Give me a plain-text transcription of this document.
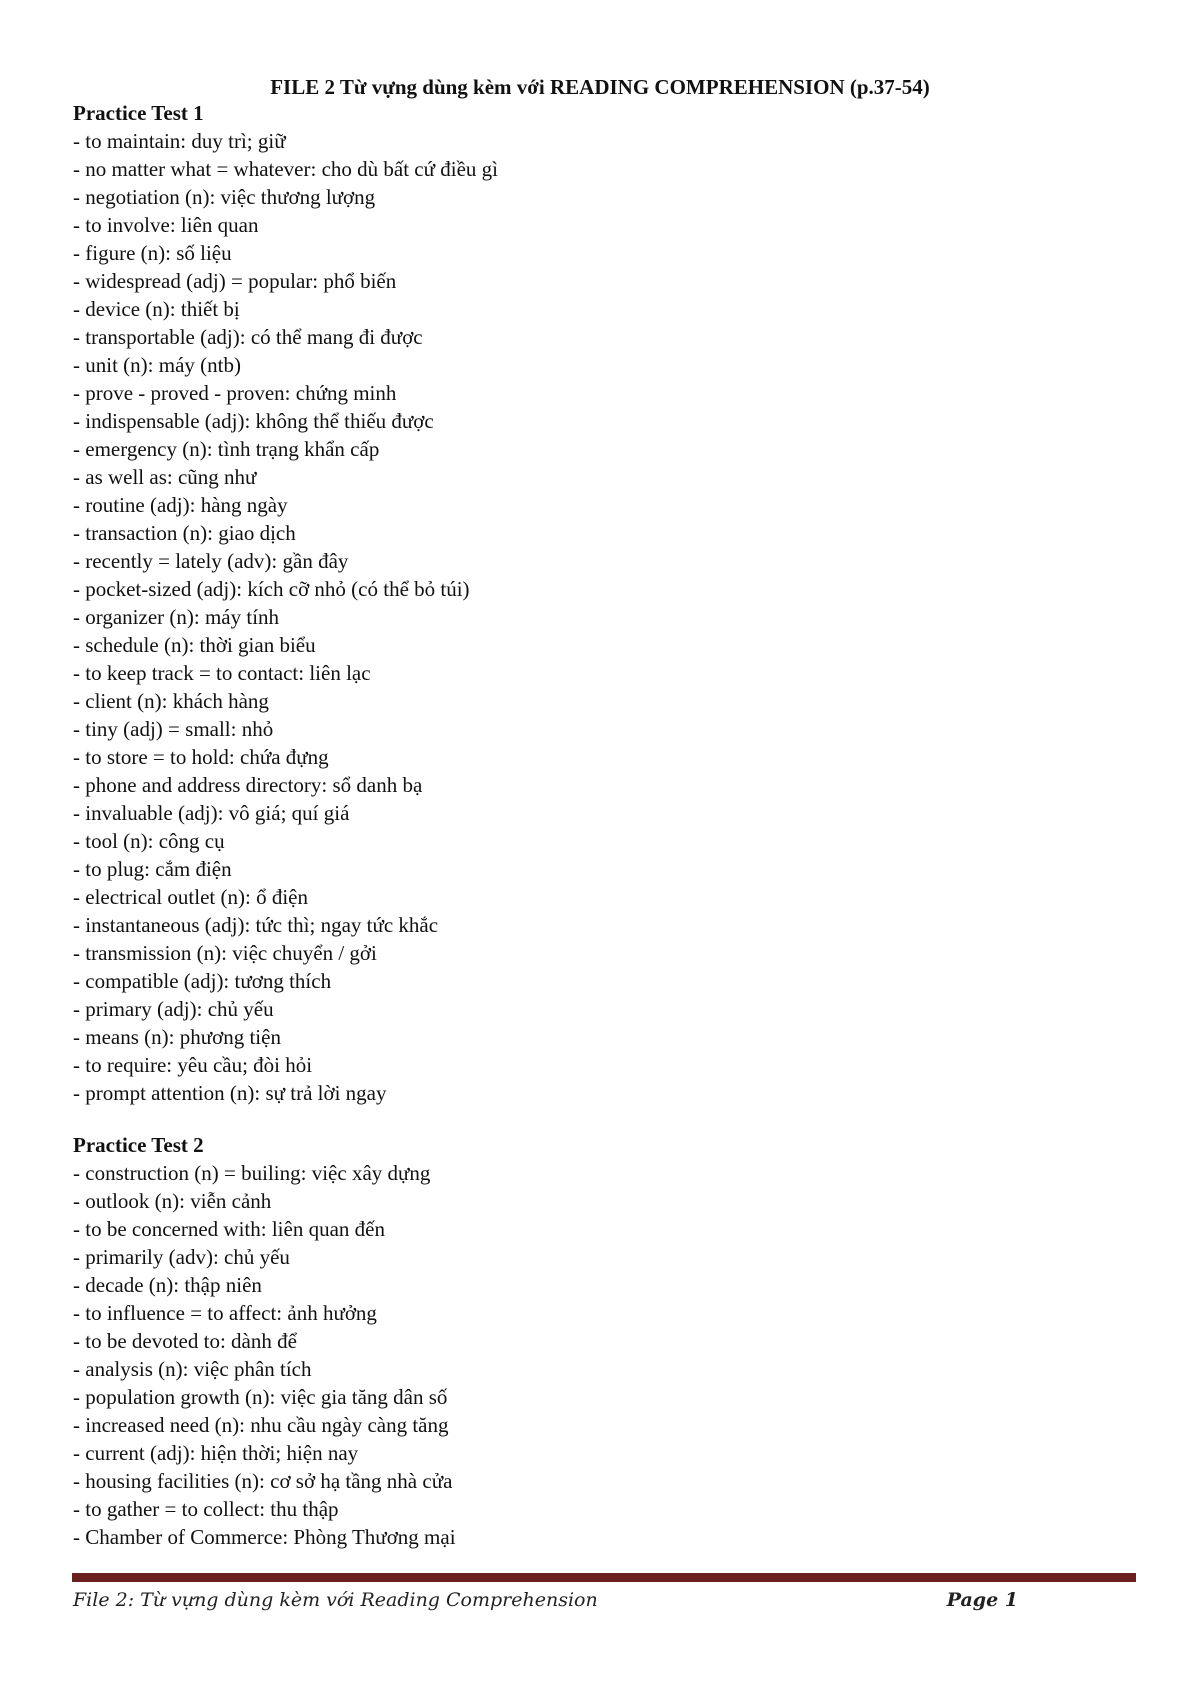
FILE 2 Từ vựng dùng kèm với READING COMPREHENSION (p.37-54)
Practice Test 1
- to maintain: duy trì; giữ
- no matter what = whatever: cho dù bất cứ điều gì
- negotiation (n): việc thương lượng
- to involve: liên quan
- figure (n): số liệu
- widespread (adj) = popular: phổ biến
- device (n): thiết bị
- transportable (adj): có thể mang đi được
- unit (n): máy (ntb)
- prove - proved - proven: chứng minh
- indispensable (adj): không thể thiếu được
- emergency (n): tình trạng khẩn cấp
- as well as: cũng như
- routine (adj): hàng ngày
- transaction (n): giao dịch
- recently = lately (adv): gần đây
- pocket-sized (adj): kích cỡ nhỏ (có thể bỏ túi)
- organizer (n): máy tính
- schedule (n): thời gian biểu
- to keep track = to contact: liên lạc
- client (n): khách hàng
- tiny (adj) = small: nhỏ
- to store = to hold: chứa đựng
- phone and address directory: sổ danh bạ
- invaluable (adj): vô giá; quí giá
- tool (n): công cụ
- to plug: cắm điện
- electrical outlet (n): ổ điện
- instantaneous (adj): tức thì; ngay tức khắc
- transmission (n): việc chuyển / gởi
- compatible (adj): tương thích
- primary (adj): chủ yếu
- means (n): phương tiện
- to require: yêu cầu; đòi hỏi
- prompt attention (n): sự trả lời ngay
Practice Test 2
- construction (n) = builing: việc xây dựng
- outlook (n): viễn cảnh
- to be concerned with: liên quan đến
- primarily (adv): chủ yếu
- decade (n): thập niên
- to influence = to affect: ảnh hưởng
- to be devoted to: dành để
- analysis (n): việc phân tích
- population growth (n): việc gia tăng dân số
- increased need (n): nhu cầu ngày càng tăng
- current (adj): hiện thời; hiện nay
- housing facilities (n): cơ sở hạ tầng nhà cửa
- to gather = to collect: thu thập
- Chamber of Commerce: Phòng Thương mại
File 2: Từ vựng dùng kèm với Reading Comprehension	Page 1
